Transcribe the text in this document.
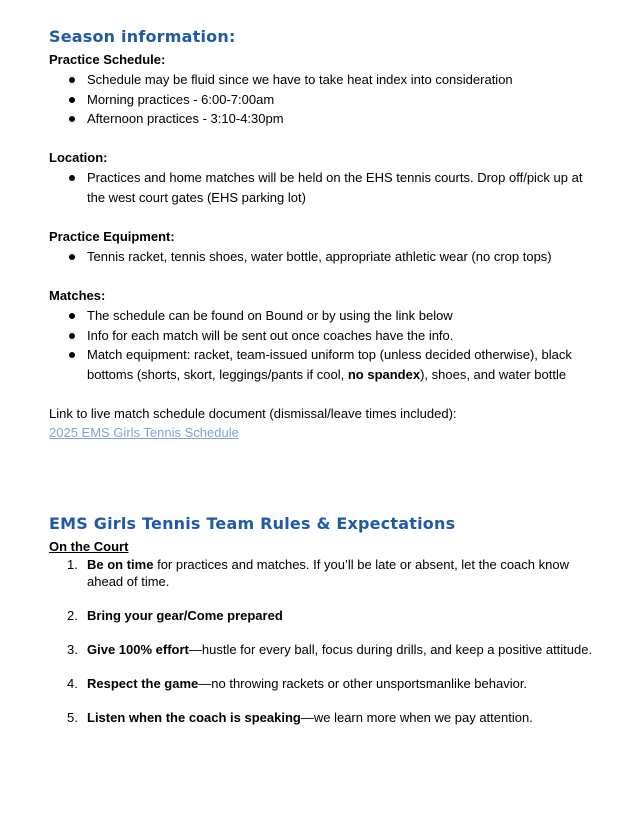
Season information:
Practice Schedule:
Schedule may be fluid since we have to take heat index into consideration
Morning practices - 6:00-7:00am
Afternoon practices - 3:10-4:30pm
Location:
Practices and home matches will be held on the EHS tennis courts. Drop off/pick up at the west court gates (EHS parking lot)
Practice Equipment:
Tennis racket, tennis shoes, water bottle, appropriate athletic wear (no crop tops)
Matches:
The schedule can be found on Bound or by using the link below
Info for each match will be sent out once coaches have the info.
Match equipment: racket, team-issued uniform top (unless decided otherwise), black bottoms (shorts, skort, leggings/pants if cool, no spandex), shoes, and water bottle
Link to live match schedule document (dismissal/leave times included):
2025 EMS Girls Tennis Schedule
EMS Girls Tennis Team Rules & Expectations
On the Court
1. Be on time for practices and matches. If you’ll be late or absent, let the coach know ahead of time.
2. Bring your gear/Come prepared
3. Give 100% effort—hustle for every ball, focus during drills, and keep a positive attitude.
4. Respect the game—no throwing rackets or other unsportsmanlike behavior.
5. Listen when the coach is speaking—we learn more when we pay attention.
